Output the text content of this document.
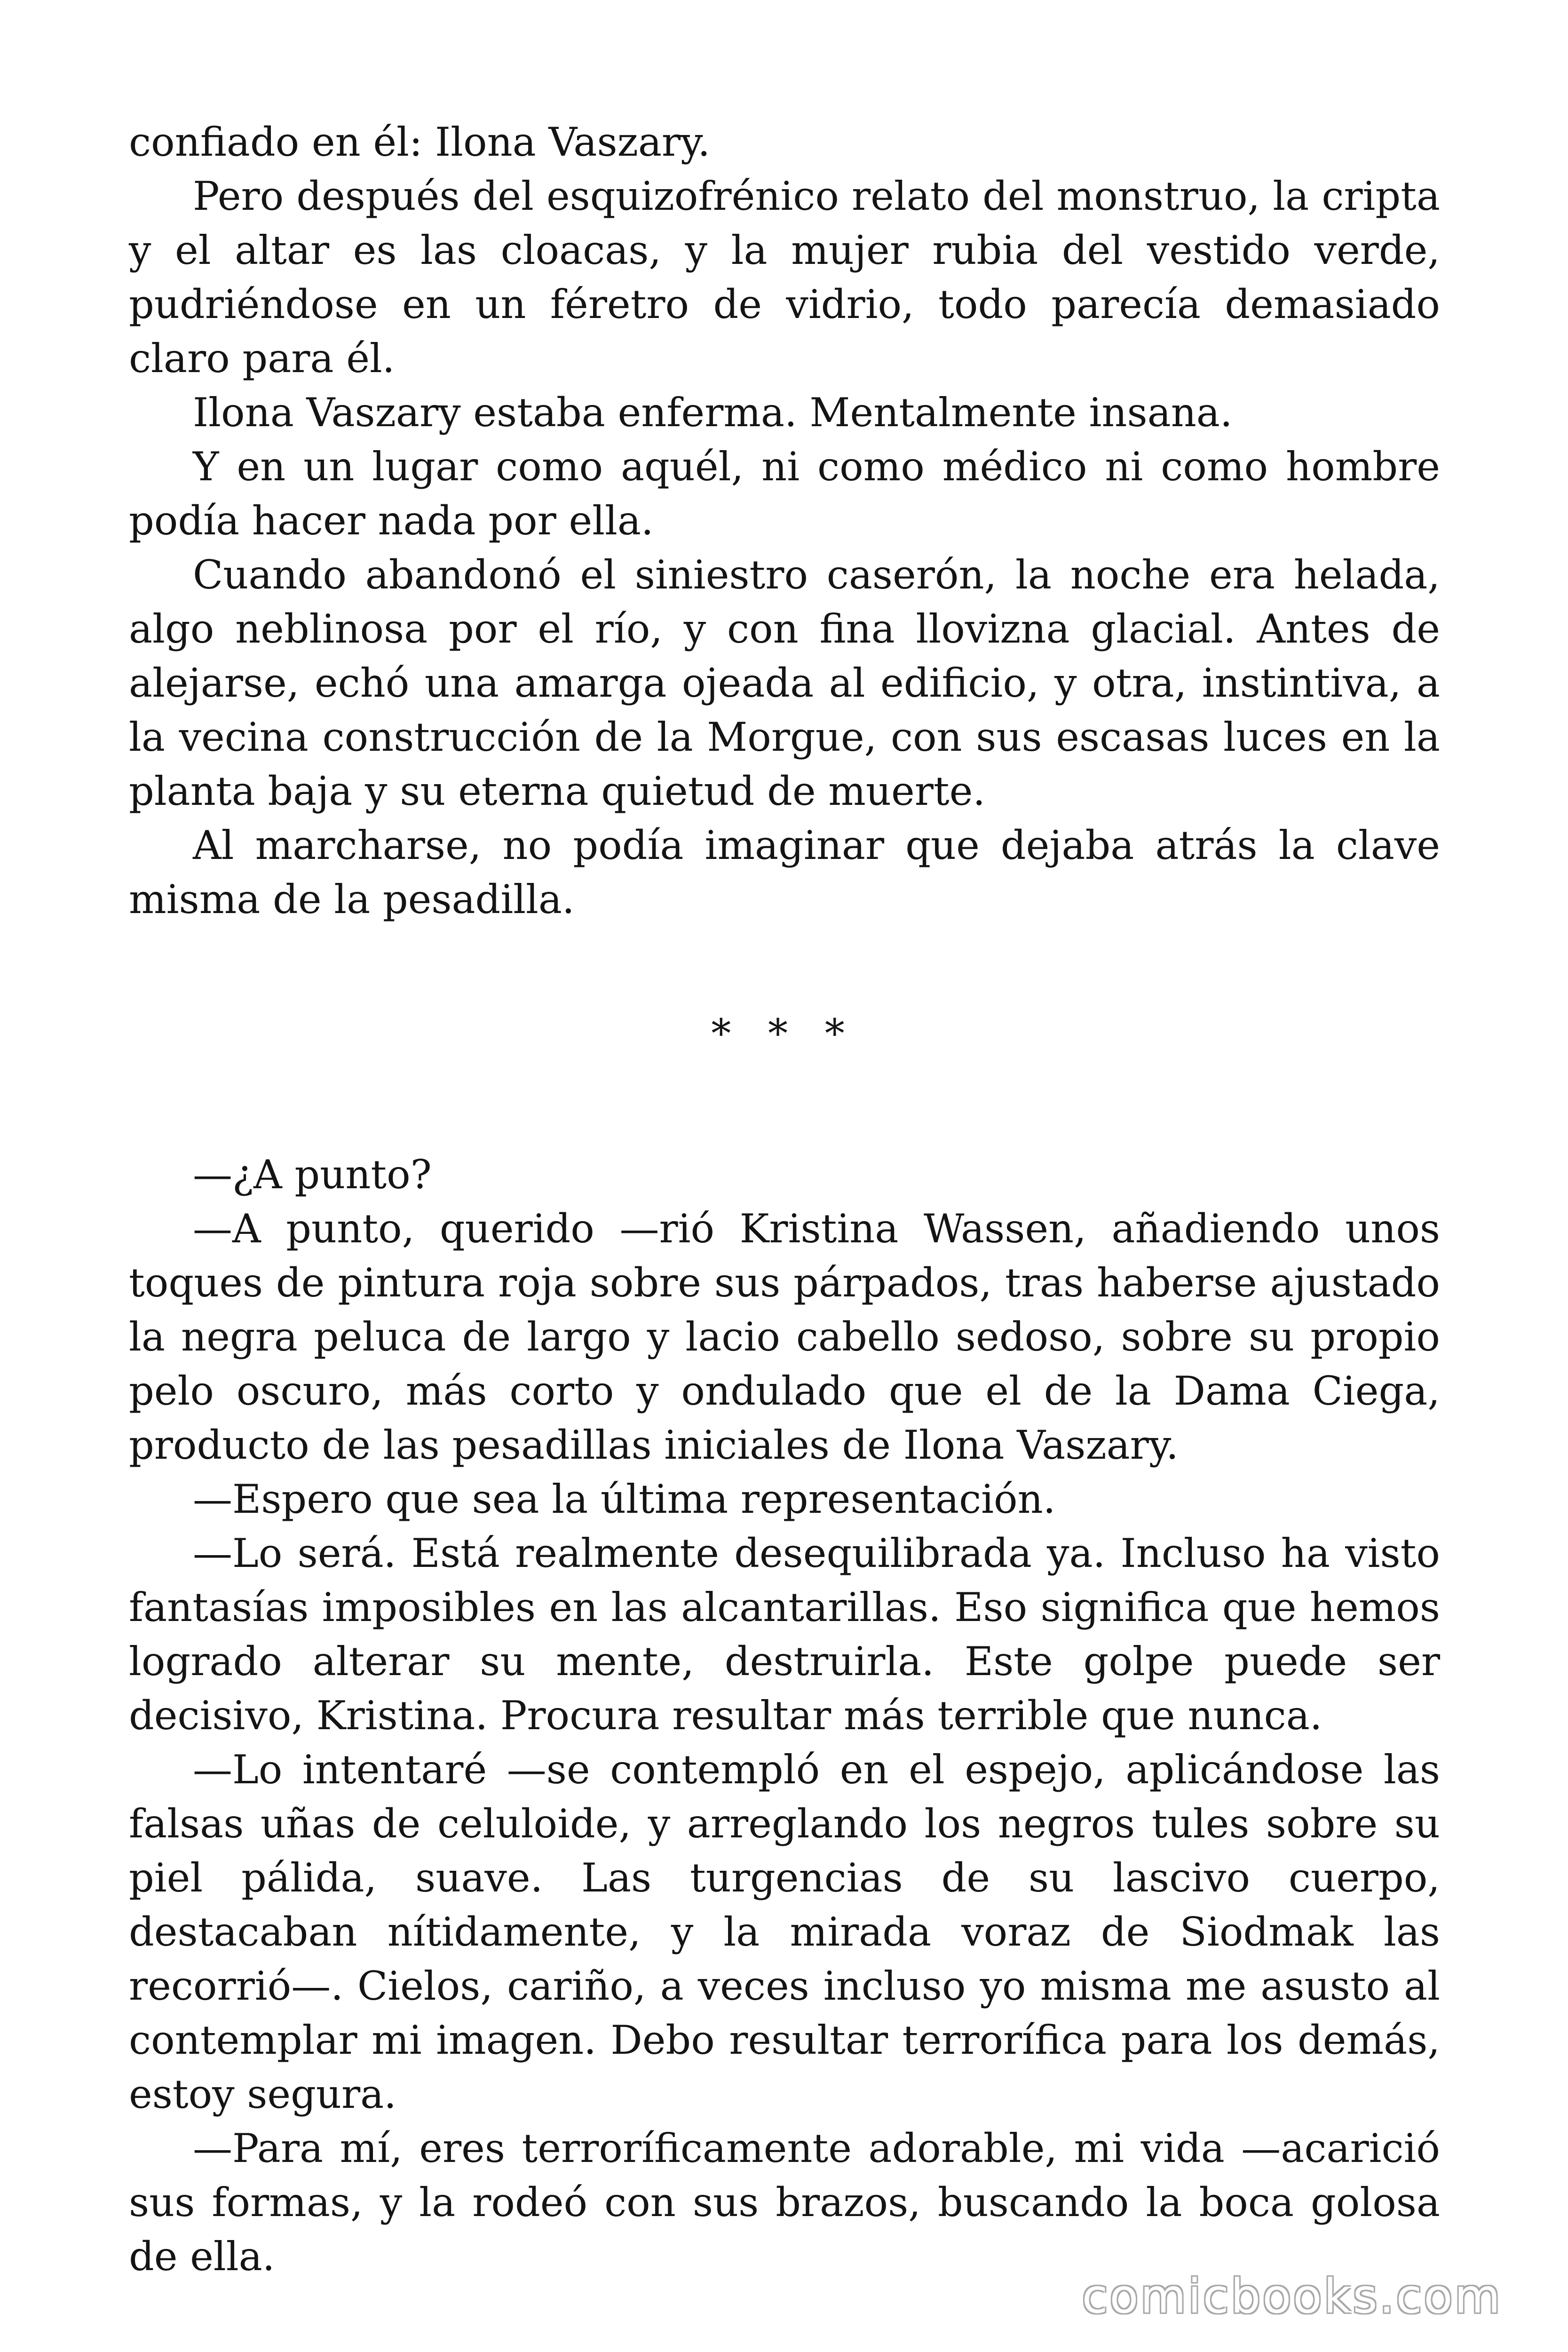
confiado en él: Ilona Vaszary.

Pero después del esquizofrénico relato del monstruo, la cripta y el altar es las cloacas, y la mujer rubia del vestido verde, pudriéndose en un féretro de vidrio, todo parecía demasiado claro para él.

Ilona Vaszary estaba enferma. Mentalmente insana.

Y en un lugar como aquél, ni como médico ni como hombre podía hacer nada por ella.

Cuando abandonó el siniestro caserón, la noche era helada, algo neblinosa por el río, y con fina llovizna glacial. Antes de alejarse, echó una amarga ojeada al edificio, y otra, instintiva, a la vecina construcción de la Morgue, con sus escasas luces en la planta baja y su eterna quietud de muerte.

Al marcharse, no podía imaginar que dejaba atrás la clave misma de la pesadilla.

* * *

—¿A punto?

—A punto, querido —rió Kristina Wassen, añadiendo unos toques de pintura roja sobre sus párpados, tras haberse ajustado la negra peluca de largo y lacio cabello sedoso, sobre su propio pelo oscuro, más corto y ondulado que el de la Dama Ciega, producto de las pesadillas iniciales de Ilona Vaszary.

—Espero que sea la última representación.

—Lo será. Está realmente desequilibrada ya. Incluso ha visto fantasías imposibles en las alcantarillas. Eso significa que hemos logrado alterar su mente, destruirla. Este golpe puede ser decisivo, Kristina. Procura resultar más terrible que nunca.

—Lo intentaré —se contempló en el espejo, aplicándose las falsas uñas de celuloide, y arreglando los negros tules sobre su piel pálida, suave. Las turgencias de su lascivo cuerpo, destacaban nítidamente, y la mirada voraz de Siodmak las recorrió—. Cielos, cariño, a veces incluso yo misma me asusto al contemplar mi imagen. Debo resultar terrorífica para los demás, estoy segura.

—Para mí, eres terroríficamente adorable, mi vida —acarició sus formas, y la rodeó con sus brazos, buscando la boca golosa de ella.

comicbooks.com
